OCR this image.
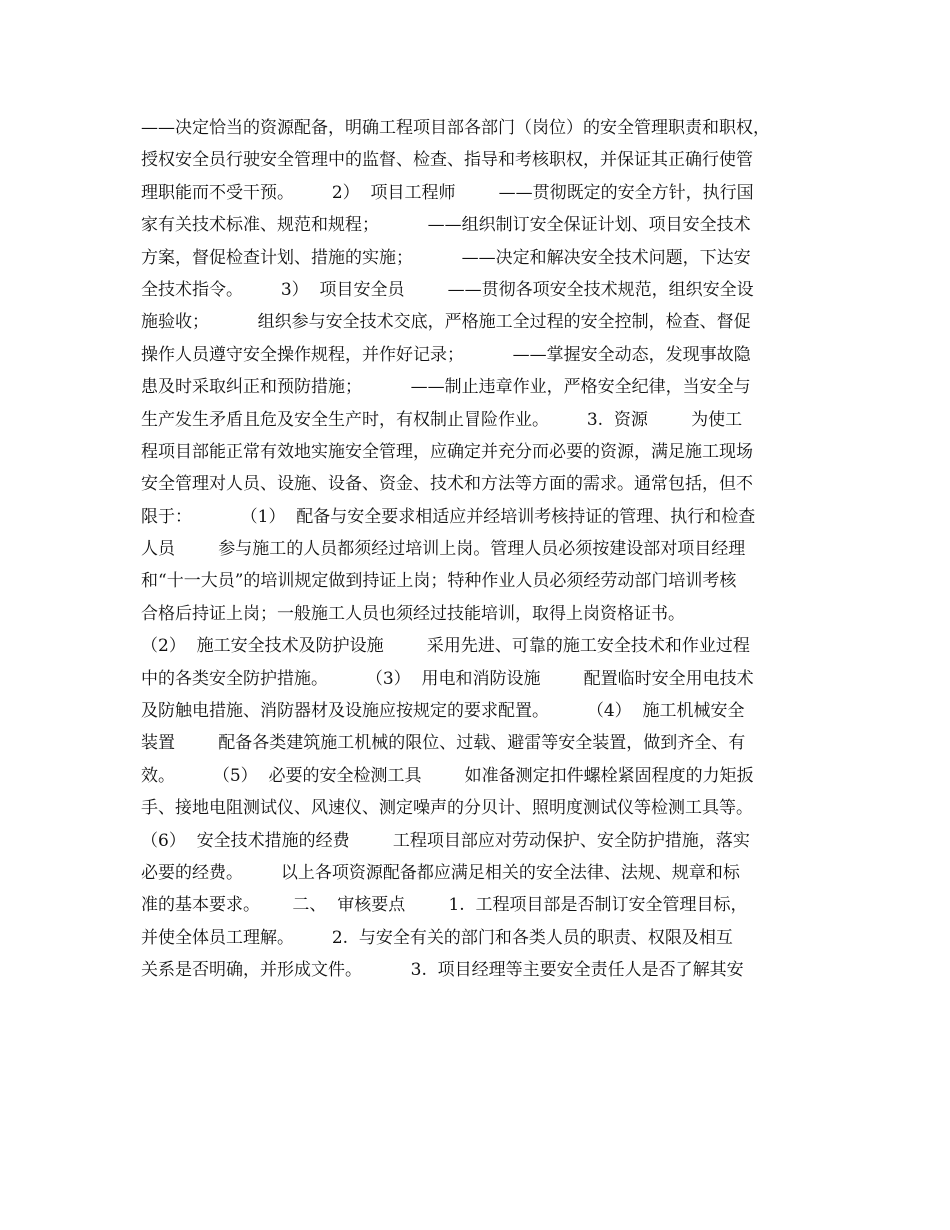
——决定恰当的资源配备，明确工程项目部各部门（岗位）的安全管理职责和职权，
授权安全员行驶安全管理中的监督、检查、指导和考核职权，并保证其正确行使管
理职能而不受干预。       2）  项目工程师        ——贯彻既定的安全方针，执行国
家有关技术标准、规范和规程；         ——组织制订安全保证计划、项目安全技术
方案，督促检查计划、措施的实施；         ——决定和解决安全技术问题，下达安
全技术指令。       3）  项目安全员        ——贯彻各项安全技术规范，组织安全设
施验收；         组织参与安全技术交底，严格施工全过程的安全控制，检查、督促
操作人员遵守安全操作规程，并作好记录；         ——掌握安全动态，发现事故隐
患及时采取纠正和预防措施；         ——制止违章作业，严格安全纪律，当安全与
生产发生矛盾且危及安全生产时，有权制止冒险作业。       3.  资源        为使工
程项目部能正常有效地实施安全管理，应确定并充分而必要的资源，满足施工现场
安全管理对人员、设施、设备、资金、技术和方法等方面的需求。通常包括，但不
限于：         （1）  配备与安全要求相适应并经培训考核持证的管理、执行和检查
人员        参与施工的人员都须经过培训上岗。管理人员必须按建设部对项目经理
和“十一大员”的培训规定做到持证上岗；特种作业人员必须经劳动部门培训考核
合格后持证上岗；一般施工人员也须经过技能培训，取得上岗资格证书。
（2）  施工安全技术及防护设施        采用先进、可靠的施工安全技术和作业过程
中的各类安全防护措施。       （3）  用电和消防设施        配置临时安全用电技术
及防触电措施、消防器材及设施应按规定的要求配置。       （4）  施工机械安全
装置        配备各类建筑施工机械的限位、过载、避雷等安全装置，做到齐全、有
效。       （5）  必要的安全检测工具        如准备测定扣件螺栓紧固程度的力矩扳
手、接地电阻测试仪、风速仪、测定噪声的分贝计、照明度测试仪等检测工具等。
（6）  安全技术措施的经费        工程项目部应对劳动保护、安全防护措施，落实
必要的经费。       以上各项资源配备都应满足相关的安全法律、法规、规章和标
准的基本要求。      二、  审核要点        1.  工程项目部是否制订安全管理目标，
并使全体员工理解。       2.  与安全有关的部门和各类人员的职责、权限及相互
关系是否明确，并形成文件。         3.  项目经理等主要安全责任人是否了解其安
